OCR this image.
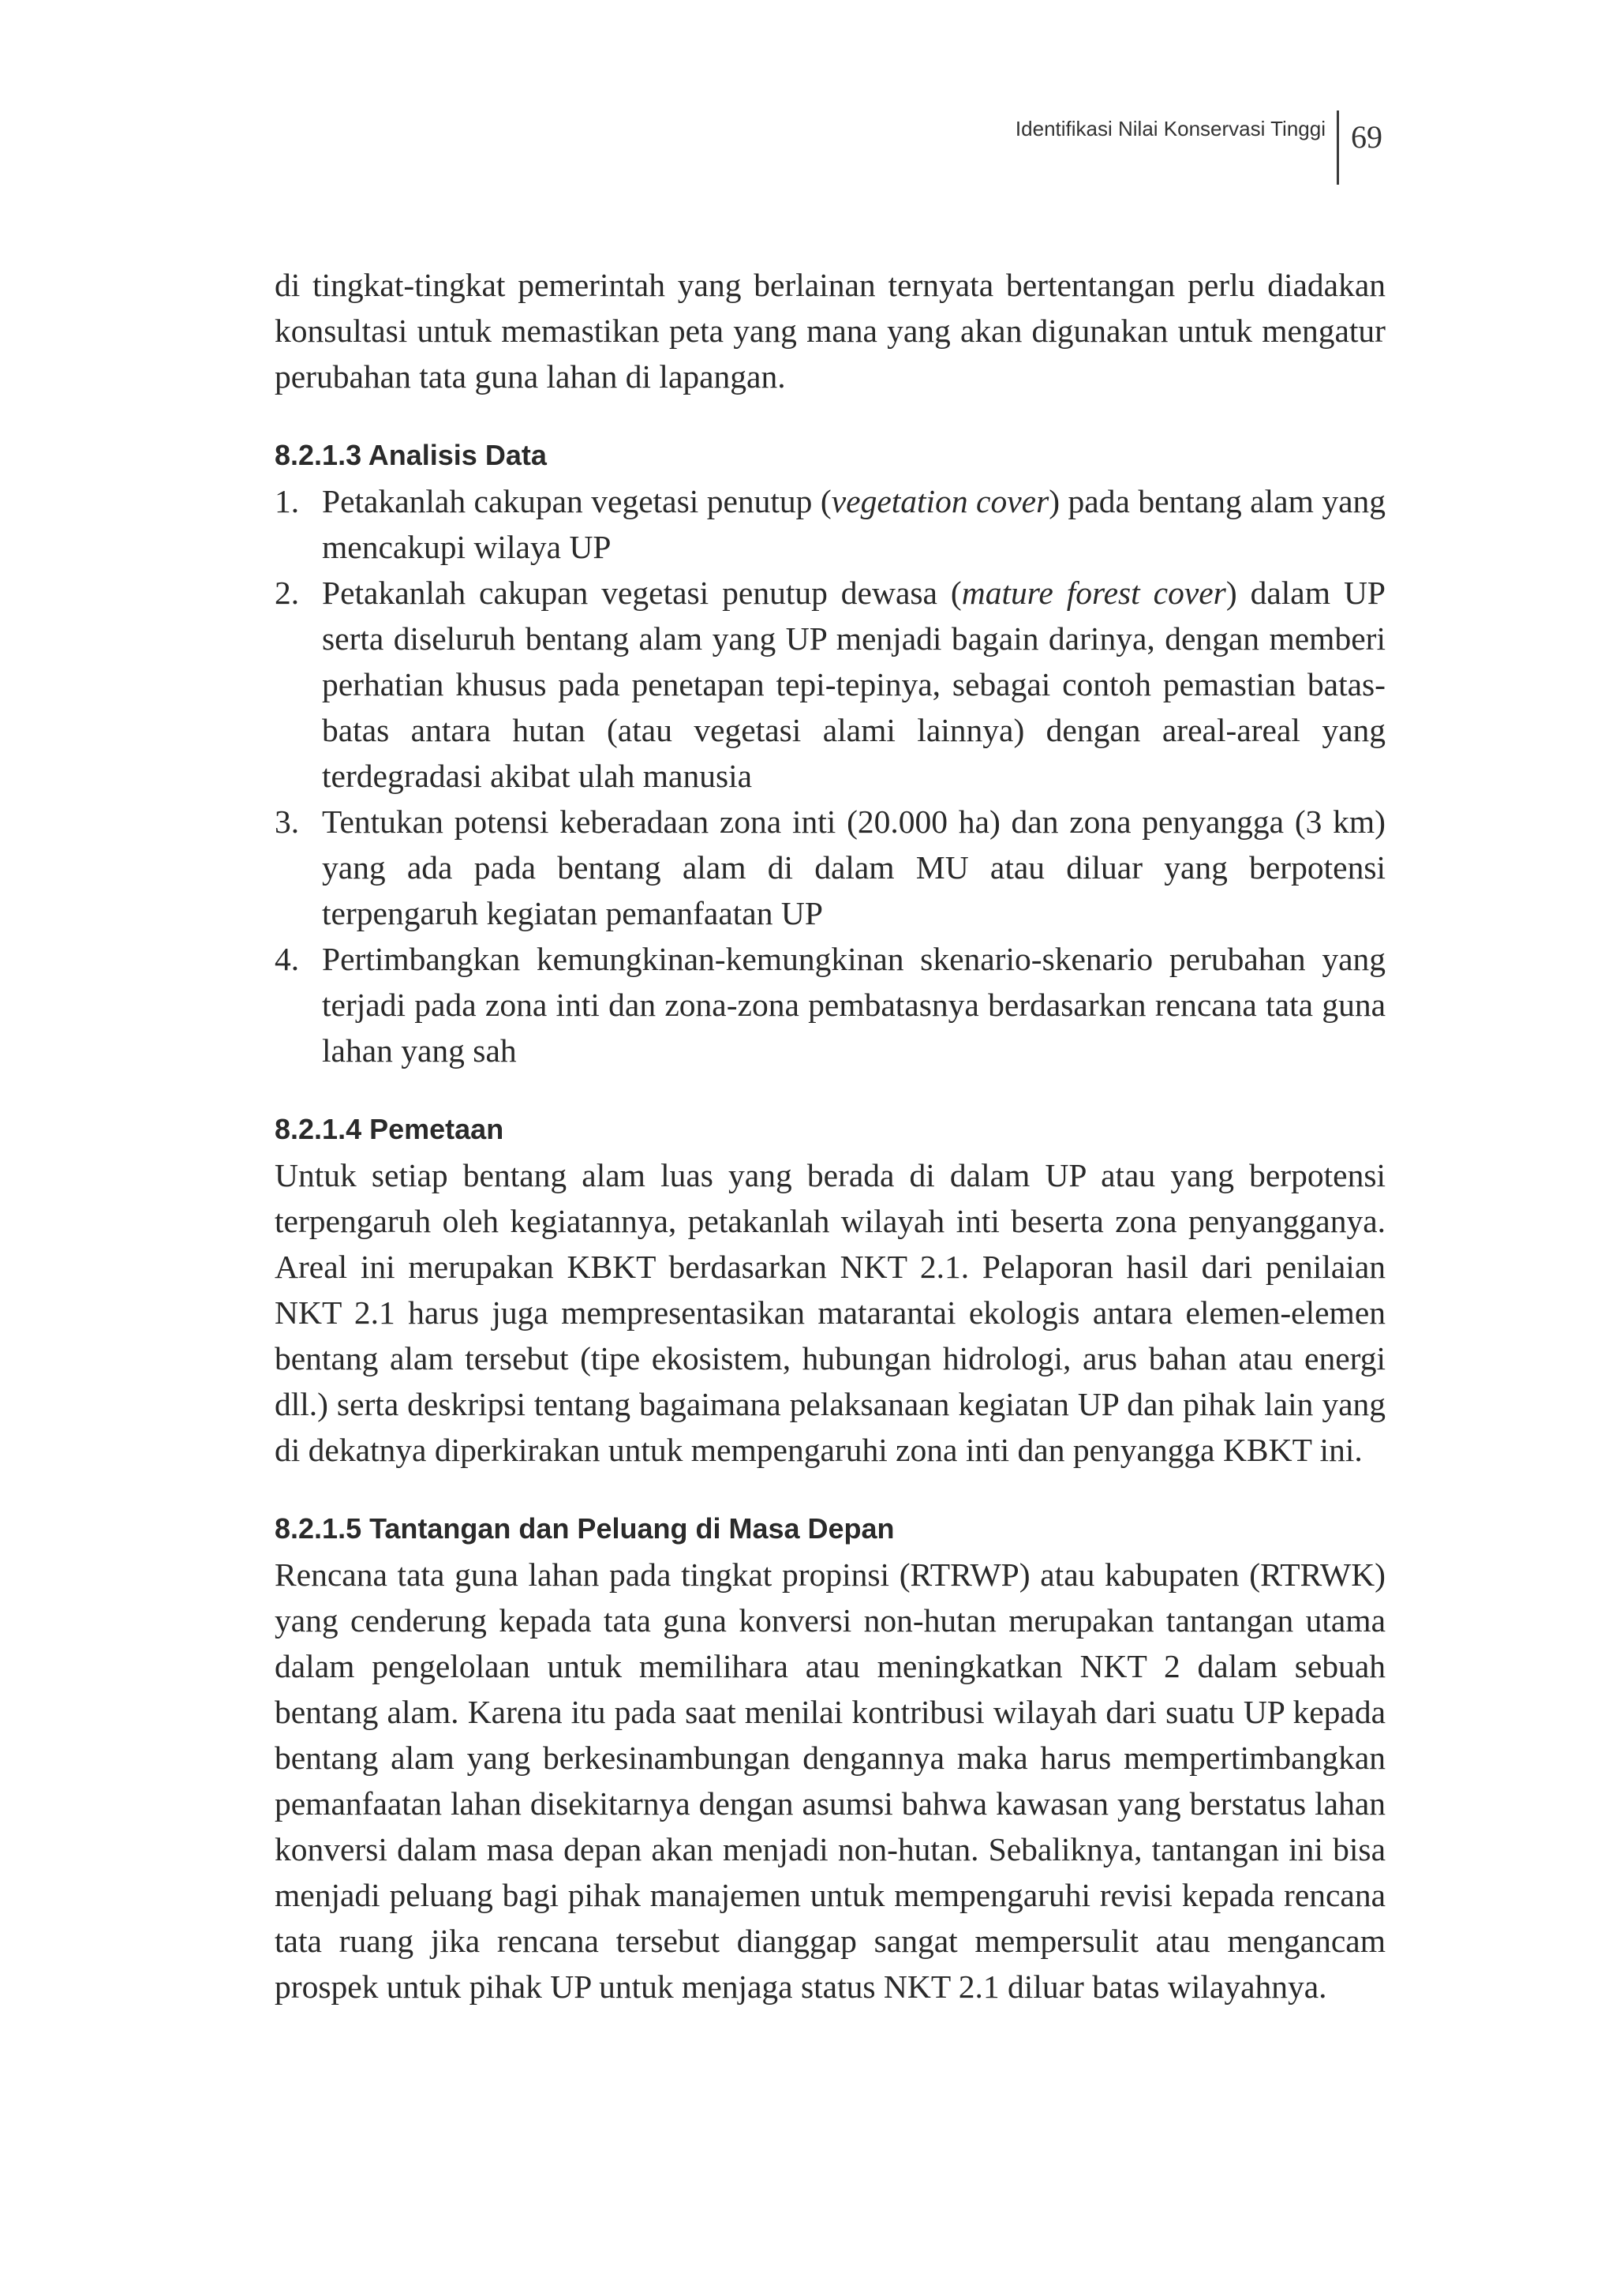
Identifikasi Nilai Konservasi Tinggi 69

di tingkat-tingkat pemerintah yang berlainan ternyata bertentangan perlu diadakan konsultasi untuk memastikan peta yang mana yang akan digunakan untuk mengatur perubahan tata guna lahan di lapangan.

8.2.1.3 Analisis Data
1. Petakanlah cakupan vegetasi penutup (vegetation cover) pada bentang alam yang mencakupi wilaya UP
2. Petakanlah cakupan vegetasi penutup dewasa (mature forest cover) dalam UP serta diseluruh bentang alam yang UP menjadi bagain darinya, dengan memberi perhatian khusus pada penetapan tepi-tepinya, sebagai contoh pemastian batas-batas antara hutan (atau vegetasi alami lainnya) dengan areal-areal yang terdegradasi akibat ulah manusia
3. Tentukan potensi keberadaan zona inti (20.000 ha) dan zona penyangga (3 km) yang ada pada bentang alam di dalam MU atau diluar yang berpotensi terpengaruh kegiatan pemanfaatan UP
4. Pertimbangkan kemungkinan-kemungkinan skenario-skenario perubahan yang terjadi pada zona inti dan zona-zona pembatasnya berdasarkan rencana tata guna lahan yang sah
8.2.1.4 Pemetaan

Untuk setiap bentang alam luas yang berada di dalam UP atau yang berpotensi terpengaruh oleh kegiatannya, petakanlah wilayah inti beserta zona penyangganya. Areal ini merupakan KBKT berdasarkan NKT 2.1. Pelaporan hasil dari penilaian NKT 2.1 harus juga mempresentasikan matarantai ekologis antara elemen-elemen bentang alam tersebut (tipe ekosistem, hubungan hidrologi, arus bahan atau energi dll.) serta deskripsi tentang bagaimana pelaksanaan kegiatan UP dan pihak lain yang di dekatnya diperkirakan untuk mempengaruhi zona inti dan penyangga KBKT ini.

8.2.1.5 Tantangan dan Peluang di Masa Depan

Rencana tata guna lahan pada tingkat propinsi (RTRWP) atau kabupaten (RTRWK) yang cenderung kepada tata guna konversi non-hutan merupakan tantangan utama dalam pengelolaan untuk memilihara atau meningkatkan NKT 2 dalam sebuah bentang alam. Karena itu pada saat menilai kontribusi wilayah dari suatu UP kepada bentang alam yang berkesinambungan dengannya maka harus mempertimbangkan pemanfaatan lahan disekitarnya dengan asumsi bahwa kawasan yang berstatus lahan konversi dalam masa depan akan menjadi non-hutan. Sebaliknya, tantangan ini bisa menjadi peluang bagi pihak manajemen untuk mempengaruhi revisi kepada rencana tata ruang jika rencana tersebut dianggap sangat mempersulit atau mengancam prospek untuk pihak UP untuk menjaga status NKT 2.1 diluar batas wilayahnya.
